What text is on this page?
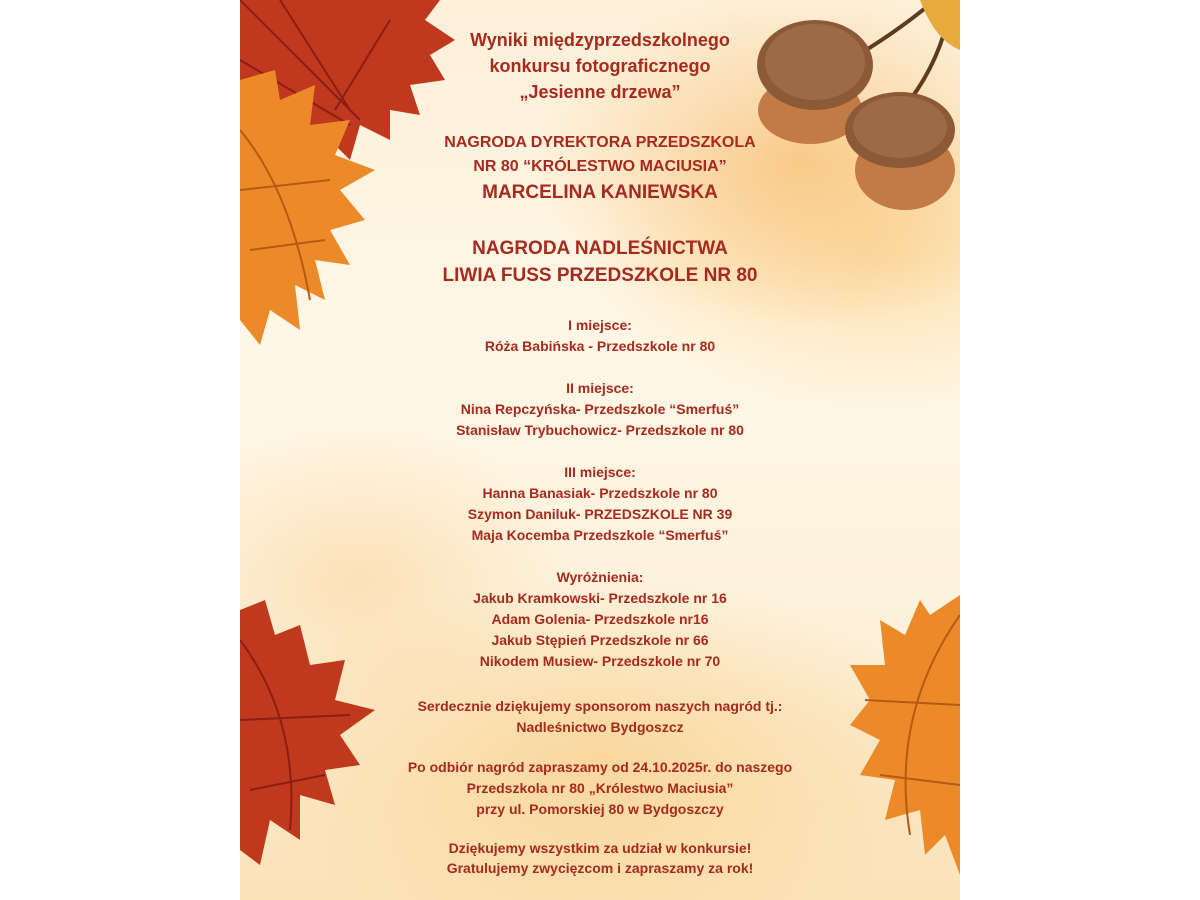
Wyniki międzyprzedszkolnego
konkursu fotograficznego
„Jesienne drzewa”
NAGRODA DYREKTORA PRZEDSZKOLA
NR 80 “KRÓLESTWO MACIUSIA”
MARCELINA KANIEWSKA
NAGRODA NADLEŚNICTWA
LIWIA FUSS PRZEDSZKOLE NR 80
I miejsce:
Róża Babińska - Przedszkole nr 80
II miejsce:
Nina Repczyńska- Przedszkole “Smerfuś”
Stanisław Trybuchowicz- Przedszkole nr 80
III miejsce:
Hanna Banasiak- Przedszkole nr 80
Szymon Daniluk- PRZEDSZKOLE NR 39
Maja Kocemba Przedszkole “Smerfuś”
Wyróżnienia:
Jakub Kramkowski- Przedszkole nr 16
Adam Golenia- Przedszkole nr16
Jakub Stępień Przedszkole nr 66
Nikodem Musiew- Przedszkole nr 70
Serdecznie dziękujemy sponsorom naszych nagród tj.:
Nadleśnictwo Bydgoszcz
Po odbiór nagród zapraszamy od 24.10.2025r. do naszego
Przedszkola nr 80 „Królestwo Maciusia”
przy ul. Pomorskiej 80 w Bydgoszczy
Dziękujemy wszystkim za udział w konkursie!
Gratulujemy zwycięzcom i zapraszamy za rok!
